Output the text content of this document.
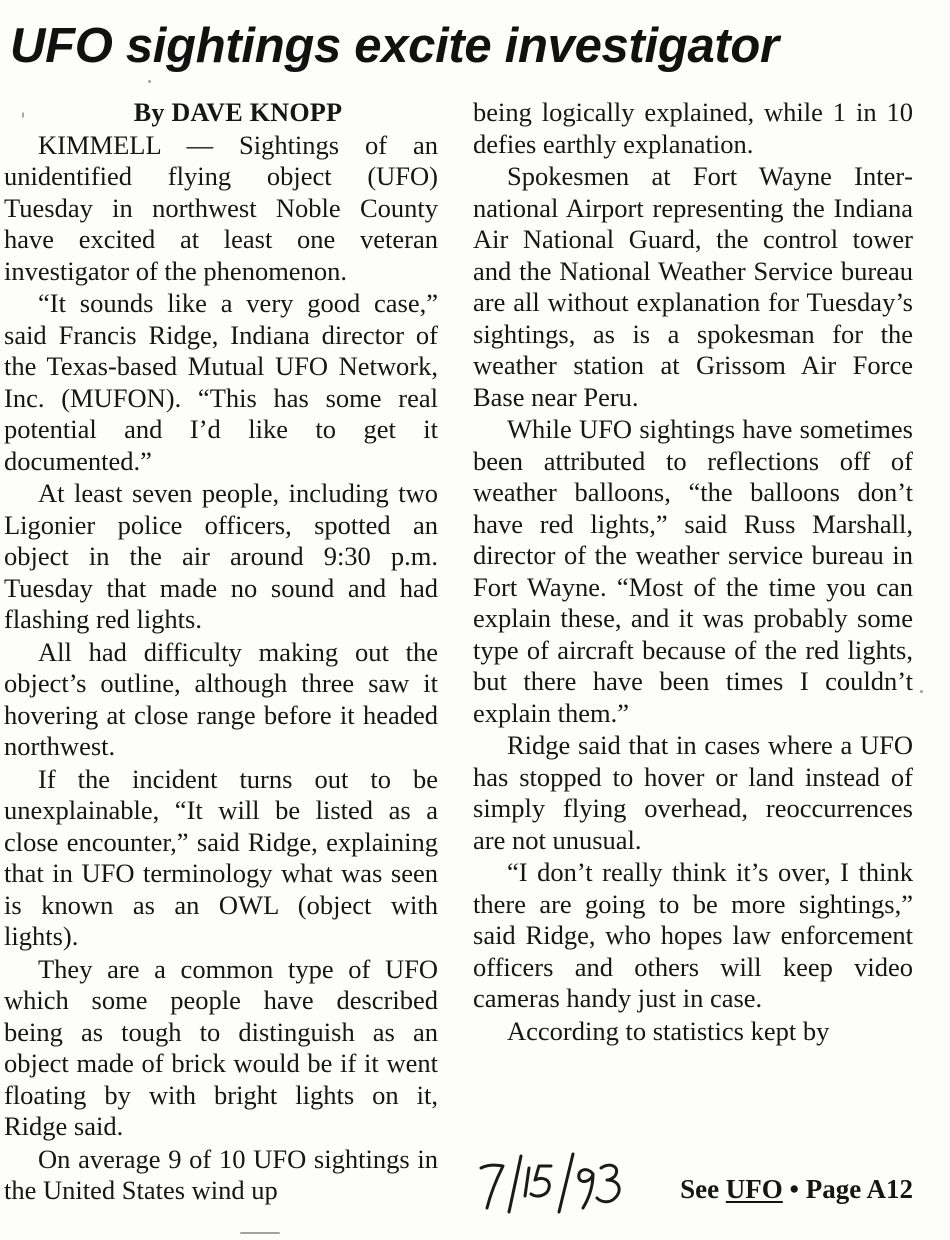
UFO sightings excite investigator

By DAVE KNOPP

KIMMELL — Sightings of an unidentified flying object (UFO) Tuesday in northwest Noble County have excited at least one veteran investigator of the phenomenon.

“It sounds like a very good case,” said Francis Ridge, Indiana director of the Texas-based Mutual UFO Network, Inc. (MUFON). “This has some real potential and I’d like to get it documented.”

At least seven people, including two Ligonier police officers, spotted an object in the air around 9:30 p.m. Tuesday that made no sound and had flashing red lights.

All had difficulty making out the object’s outline, although three saw it hovering at close range before it headed northwest.

If the incident turns out to be unexplainable, “It will be listed as a close encounter,” said Ridge, explaining that in UFO terminology what was seen is known as an OWL (object with lights).

They are a common type of UFO which some people have described being as tough to distinguish as an object made of brick would be if it went floating by with bright lights on it, Ridge said.

On average 9 of 10 UFO sightings in the United States wind up

being logically explained, while 1 in 10 defies earthly explanation.

Spokesmen at Fort Wayne International Airport representing the Indiana Air National Guard, the control tower and the National Weather Service bureau are all without explanation for Tuesday’s sightings, as is a spokesman for the weather station at Grissom Air Force Base near Peru.

While UFO sightings have sometimes been attributed to reflections off of weather balloons, “the balloons don’t have red lights,” said Russ Marshall, director of the weather service bureau in Fort Wayne. “Most of the time you can explain these, and it was probably some type of aircraft because of the red lights, but there have been times I couldn’t explain them.”

Ridge said that in cases where a UFO has stopped to hover or land instead of simply flying overhead, reoccurrences are not unusual.

“I don’t really think it’s over, I think there are going to be more sightings,” said Ridge, who hopes law enforcement officers and others will keep video cameras handy just in case.

According to statistics kept by

See UFO • Page A12
